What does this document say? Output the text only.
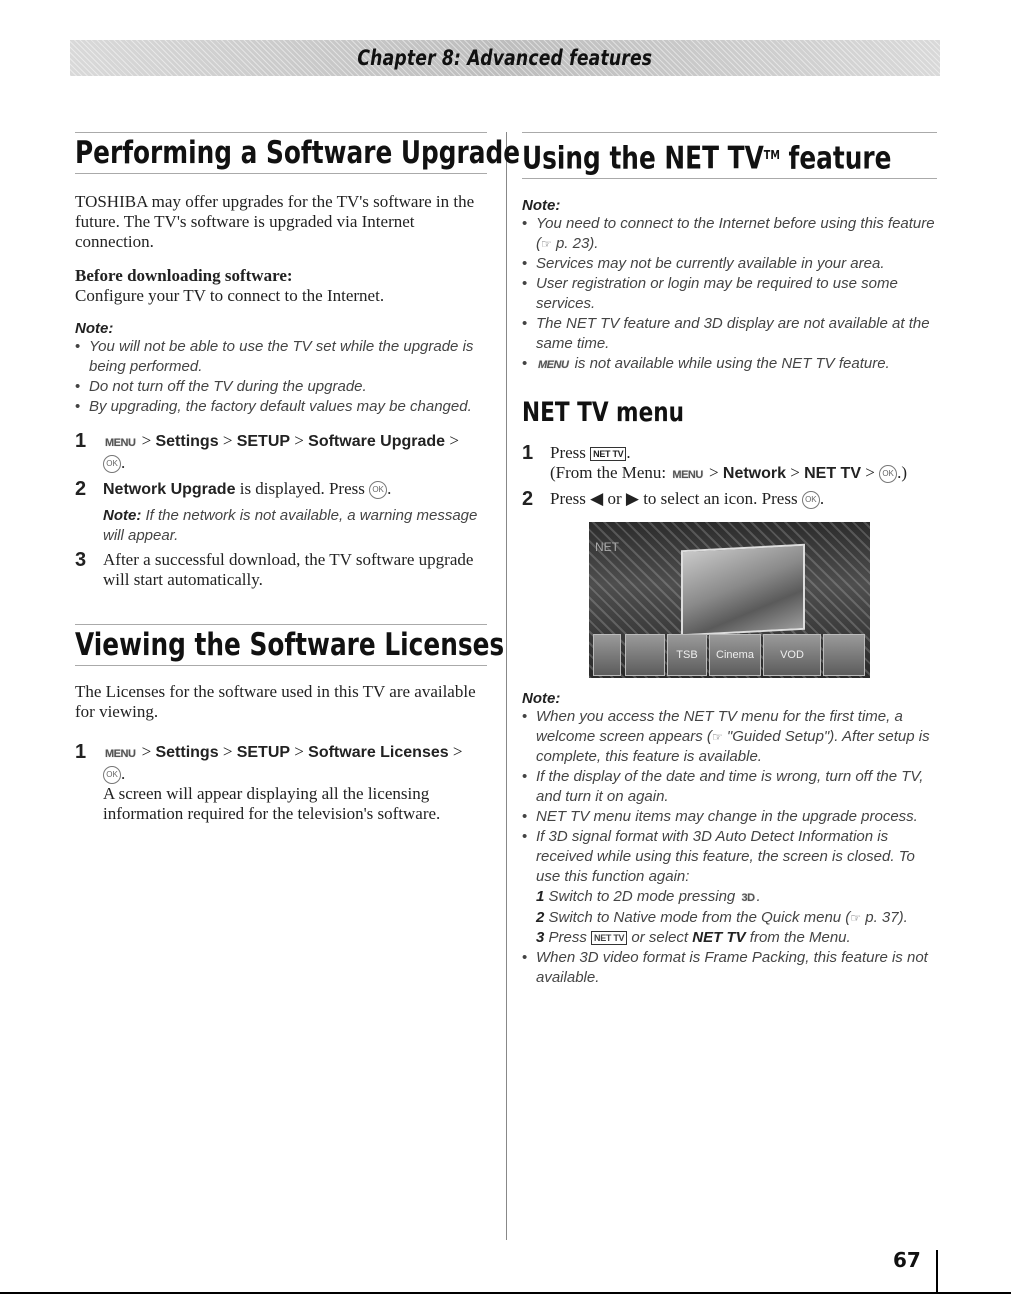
Chapter 8: Advanced features
Performing a Software Upgrade

TOSHIBA may offer upgrades for the TV's software in the future. The TV's software is upgraded via Internet connection.

Before downloading software:

Configure your TV to connect to the Internet.

Note:

• You will not be able to use the TV set while the upgrade is being performed.
• Do not turn off the TV during the upgrade.
• By upgrading, the factory default values may be changed.
1 MENU > Settings > SETUP > Software Upgrade >
OK .
2 Network Upgrade is displayed. Press OK .
Note: If the network is not available, a warning message will appear.
3 After a successful download, the TV software upgrade will start automatically.
Viewing the Software Licenses

The Licenses for the software used in this TV are available for viewing.

1 MENU > Settings > SETUP > Software Licenses >
OK .
A screen will appear displaying all the licensing information required for the television's software.
Using the NET TV™ feature

Note:

• You need to connect to the Internet before using this feature (☞ p. 23).
• Services may not be currently available in your area.
• User registration or login may be required to use some services.
• The NET TV feature and 3D display are not available at the same time.
• MENU is not available while using the NET TV feature.
NET TV menu
1 Press NET TV .
(From the Menu: MENU > Network > NET TV > OK .)
2 Press ◀ or ▶ to select an icon. Press OK .
NET
TSB	Cinema	VOD

Note:

• When you access the NET TV menu for the first time, a welcome screen appears (☞ "Guided Setup"). After setup is complete, this feature is available.
• If the display of the date and time is wrong, turn off the TV, and turn it on again.
• NET TV menu items may change in the upgrade process.
• If 3D signal format with 3D Auto Detect Information is received while using this feature, the screen is closed. To use this function again:
1 Switch to 2D mode pressing 3D .
2 Switch to Native mode from the Quick menu (☞ p. 37).
3 Press NET TV or select NET TV from the Menu.
• When 3D video format is Frame Packing, this feature is not available.
67
